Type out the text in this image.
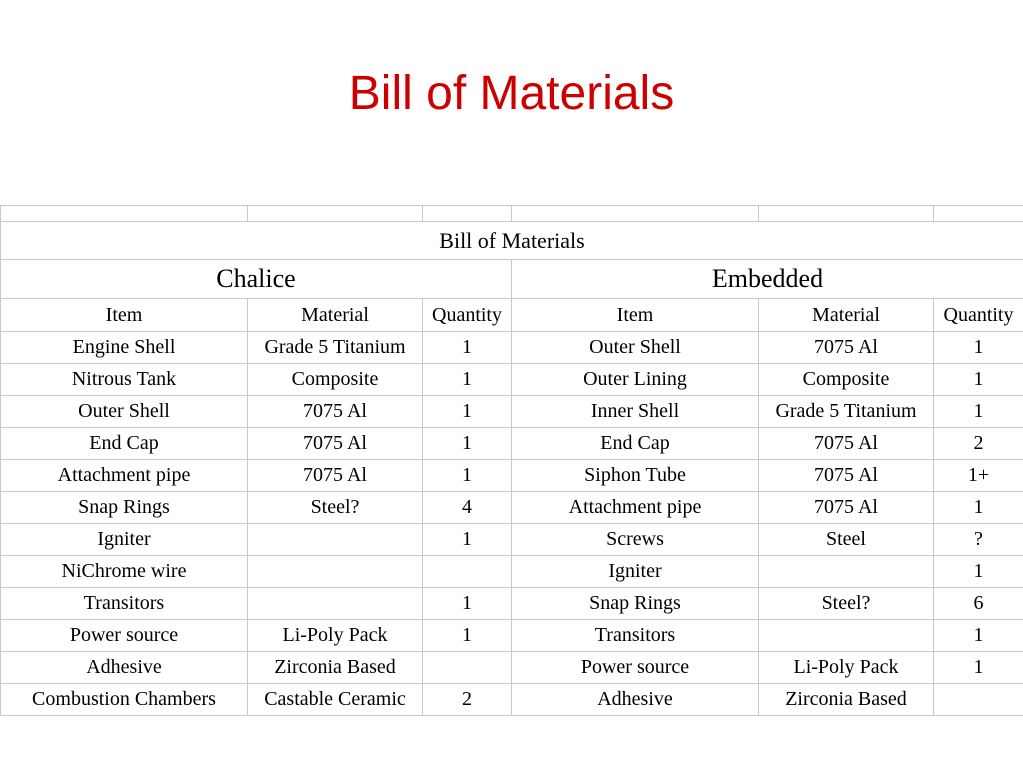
Bill of Materials

Bill of Materials					
Chalice			Embedded		
Item	Material	Quantity	Item	Material	Quantity
Engine Shell	Grade 5 Titanium	1	Outer Shell	7075 Al	1
Nitrous Tank	Composite	1	Outer Lining	Composite	1
Outer Shell	7075 Al	1	Inner Shell	Grade 5 Titanium	1
End Cap	7075 Al	1	End Cap	7075 Al	2
Attachment pipe	7075 Al	1	Siphon Tube	7075 Al	1+
Snap Rings	Steel?	4	Attachment pipe	7075 Al	1
Igniter		1	Screws	Steel	?
NiChrome wire			Igniter		1
Transitors		1	Snap Rings	Steel?	6
Power source	Li-Poly Pack	1	Transitors		1
Adhesive	Zirconia Based		Power source	Li-Poly Pack	1
Combustion Chambers	Castable Ceramic	2	Adhesive	Zirconia Based	
